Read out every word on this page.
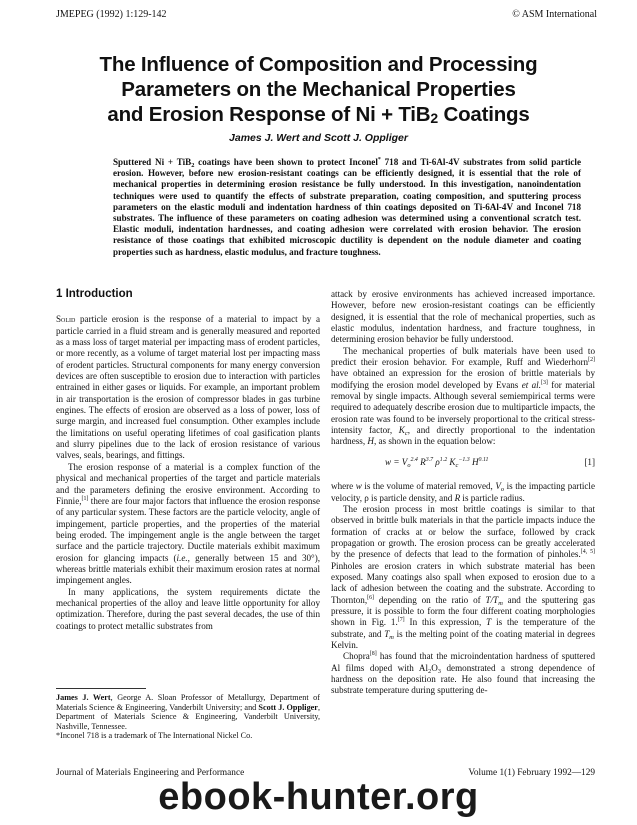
JMEPEG (1992) 1:129-142	© ASM International
The Influence of Composition and Processing
Parameters on the Mechanical Properties
and Erosion Response of Ni + TiB$_2$ Coatings
James J. Wert and Scott J. Oppliger

Sputtered Ni + TiB$_2$ coatings have been shown to protect Inconel* 718 and Ti-6Al-4V substrates from solid particle erosion. However, before new erosion-resistant coatings can be efficiently designed, it is essential that the role of mechanical properties in determining erosion resistance be fully understood. In this investigation, nanoindentation techniques were used to quantify the effects of substrate preparation, coating composition, and sputtering process parameters on the elastic moduli and indentation hardness of thin coatings deposited on Ti-6Al-4V and Inconel 718 substrates. The influence of these parameters on coating adhesion was determined using a conventional scratch test. Elastic moduli, indentation hardnesses, and coating adhesion were correlated with erosion behavior. The erosion resistance of those coatings that exhibited microscopic ductility is dependent on the nodule diameter and coating properties such as hardness, elastic modulus, and fracture toughness.

1 Introduction

Solid particle erosion is the response of a material to impact by a particle carried in a fluid stream and is generally measured and reported as a mass loss of target material per impacting mass of erodent particles, or more recently, as a volume of target material lost per impacting mass of erodent particles. Structural components for many energy conversion devices are often susceptible to erosion due to interaction with particles entrained in either gases or liquids. For example, an important problem in air transportation is the erosion of compressor blades in gas turbine engines. The effects of erosion are observed as a loss of power, loss of surge margin, and increased fuel consumption. Other examples include the limitations on useful operating lifetimes of coal gasification plants and slurry pipelines due to the lack of erosion resistance of various valves, seals, bearings, and fittings.

The erosion response of a material is a complex function of the physical and mechanical properties of the target and particle materials and the parameters defining the erosive environment. According to Finnie,[1] there are four major factors that influence the erosion response of any particular system. These factors are the particle velocity, angle of impingement, particle properties, and the properties of the material being eroded. The impingement angle is the angle between the target surface and the particle trajectory. Ductile materials exhibit maximum erosion for glancing impacts (i.e., generally between 15 and 30°), whereas brittle materials exhibit their maximum erosion rates at normal impingement angles.

In many applications, the system requirements dictate the mechanical properties of the alloy and leave little opportunity for alloy optimization. Therefore, during the past several decades, the use of thin coatings to protect metallic substrates from

attack by erosive environments has achieved increased importance. However, before new erosion-resistant coatings can be efficiently designed, it is essential that the role of mechanical properties, such as elastic modulus, indentation hardness, and fracture toughness, in determining erosion behavior be fully understood.

The mechanical properties of bulk materials have been used to predict their erosion behavior. For example, Ruff and Wiederhorn[2] have obtained an expression for the erosion of brittle materials by modifying the erosion model developed by Evans et al.[3] for material removal by single impacts. Although several semiempirical terms were required to adequately describe erosion due to multiparticle impacts, the erosion rate was found to be inversely proportional to the critical stress-intensity factor, $K_c$, and directly proportional to the indentation hardness, H, as shown in the equation below:

$w = V_o^{2.4}$ $R^{3.7}$ $\rho^{1.2}$ $K_c^{-1.3}$ $H^{0.11}$	[1]

where w is the volume of material removed, $V_o$ is the impacting particle velocity, ρ is particle density, and R is particle radius.

The erosion process in most brittle coatings is similar to that observed in brittle bulk materials in that the particle impacts induce the formation of cracks at or below the surface, followed by crack propagation or growth. The erosion process can be greatly accelerated by the presence of defects that lead to the formation of pinholes.[4, 5] Pinholes are erosion craters in which substrate material has been exposed. Many coatings also spall when exposed to erosion due to a lack of adhesion between the coating and the substrate. According to Thornton,[6] depending on the ratio of $T/T_m$ and the sputtering gas pressure, it is possible to form the four different coating morphologies shown in Fig. 1.[7] In this expression, T is the temperature of the substrate, and $T_m$ is the melting point of the coating material in degrees Kelvin.

Chopra[8] has found that the microindentation hardness of sputtered Al films doped with $Al_2O_3$ demonstrated a strong dependence of hardness on the deposition rate. He also found that increasing the substrate temperature during sputtering de-

James J. Wert, George A. Sloan Professor of Metallurgy, Department of Materials Science & Engineering, Vanderbilt University; and Scott J. Oppliger, Department of Materials Science & Engineering, Vanderbilt University, Nashville, Tennessee.
*Inconel 718 is a trademark of The International Nickel Co.
Journal of Materials Engineering and Performance	Volume 1(1) February 1992—129
ebook-hunter.org
